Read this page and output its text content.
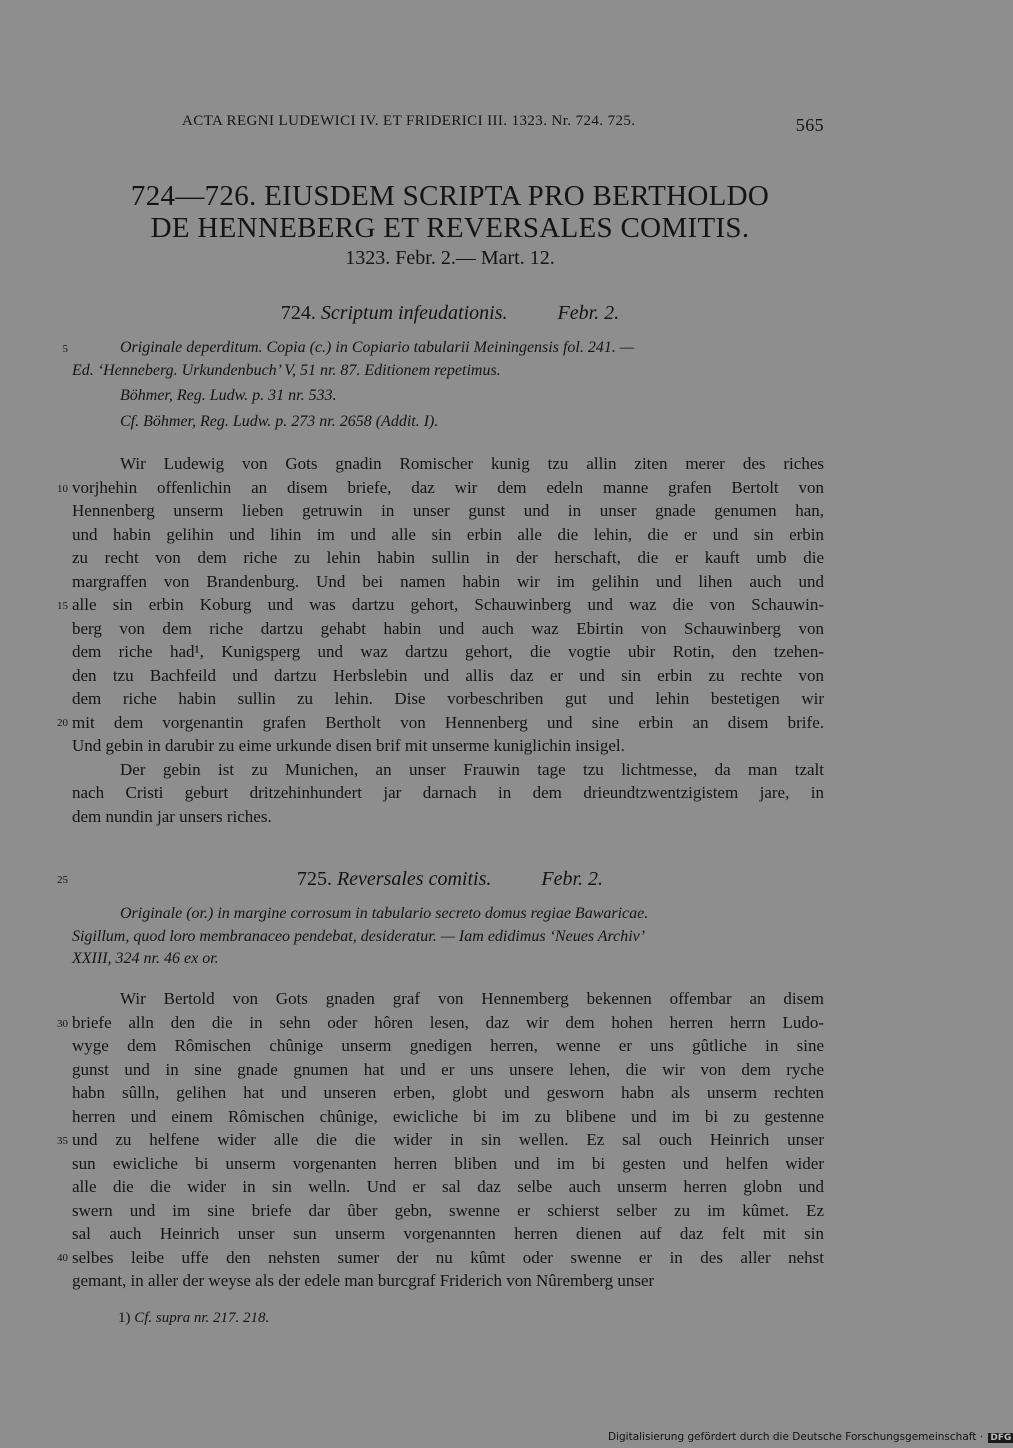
ACTA REGNI LUDEWICI IV. ET FRIDERICI III. 1323. Nr. 724. 725.	565
724—726. EIUSDEM SCRIPTA PRO BERTHOLDO
DE HENNEBERG ET REVERSALES COMITIS.
1323. Febr. 2.— Mart. 12.
724. Scriptum infeudationis.	Febr. 2.

Originale deperditum. Copia (c.) in Copiario tabularii Meiningensis fol. 241. —

Ed. ‘Henneberg. Urkundenbuch’ V, 51 nr. 87. Editionem repetimus.

Böhmer, Reg. Ludw. p. 31 nr. 533.

Cf. Böhmer, Reg. Ludw. p. 273 nr. 2658 (Addit. I).

Wir Ludewig von Gots gnadin Romischer kunig tzu allin ziten merer des riches
vorjhehin offenlichin an disem briefe, daz wir dem edeln manne grafen Bertolt von
Hennenberg unserm lieben getruwin in unser gunst und in unser gnade genumen han,
und habin gelihin und lihin im und alle sin erbin alle die lehin, die er und sin erbin
zu recht von dem riche zu lehin habin sullin in der herschaft, die er kauft umb die
margraffen von Brandenburg. Und bei namen habin wir im gelihin und lihen auch und
alle sin erbin Koburg und was dartzu gehort, Schauwinberg und waz die von Schauwin-
berg von dem riche dartzu gehabt habin und auch waz Ebirtin von Schauwinberg von
dem riche had¹, Kunigsperg und waz dartzu gehort, die vogtie ubir Rotin, den tzehen-
den tzu Bachfeild und dartzu Herbslebin und allis daz er und sin erbin zu rechte von
dem riche habin sullin zu lehin. Dise vorbeschriben gut und lehin bestetigen wir
mit dem vorgenantin grafen Bertholt von Hennenberg und sine erbin an disem brife.
Und gebin in darubir zu eime urkunde disen brif mit unserme kuniglichin insigel.
Der gebin ist zu Munichen, an unser Frauwin tage tzu lichtmesse, da man tzalt
nach Cristi geburt dritzehinhundert jar darnach in dem drieundtzwentzigistem jare, in
dem nundin jar unsers riches.
725. Reversales comitis.	Febr. 2.

Originale (or.) in margine corrosum in tabulario secreto domus regiae Bawaricae.

Sigillum, quod loro membranaceo pendebat, desideratur. — Iam edidimus ‘Neues Archiv’

XXIII, 324 nr. 46 ex or.

Wir Bertold von Gots gnaden graf von Hennemberg bekennen offembar an disem
briefe alln den die in sehn oder hôren lesen, daz wir dem hohen herren herrn Ludo-
wyge dem Rômischen chûnige unserm gnedigen herren, wenne er uns gûtliche in sine
gunst und in sine gnade gnumen hat und er uns unsere lehen, die wir von dem ryche
habn sûlln, gelihen hat und unseren erben, globt und gesworn habn als unserm rechten
herren und einem Rômischen chûnige, ewicliche bi im zu blibene und im bi zu gestenne
und zu helfene wider alle die die wider in sin wellen. Ez sal ouch Heinrich unser
sun ewicliche bi unserm vorgenanten herren bliben und im bi gesten und helfen wider
alle die die wider in sin welln. Und er sal daz selbe auch unserm herren globn und
swern und im sine briefe dar ûber gebn, swenne er schierst selber zu im kûmet. Ez
sal auch Heinrich unser sun unserm vorgenannten herren dienen auf daz felt mit sin
selbes leibe uffe den nehsten sumer der nu kûmt oder swenne er in des aller nehst
gemant, in aller der weyse als der edele man burcgraf Friderich von Nûremberg unser
5
10
15
20
25
30
35
40
1) Cf. supra nr. 217. 218.
Digitalisierung gefördert durch die Deutsche Forschungsgemeinschaft · DFG
